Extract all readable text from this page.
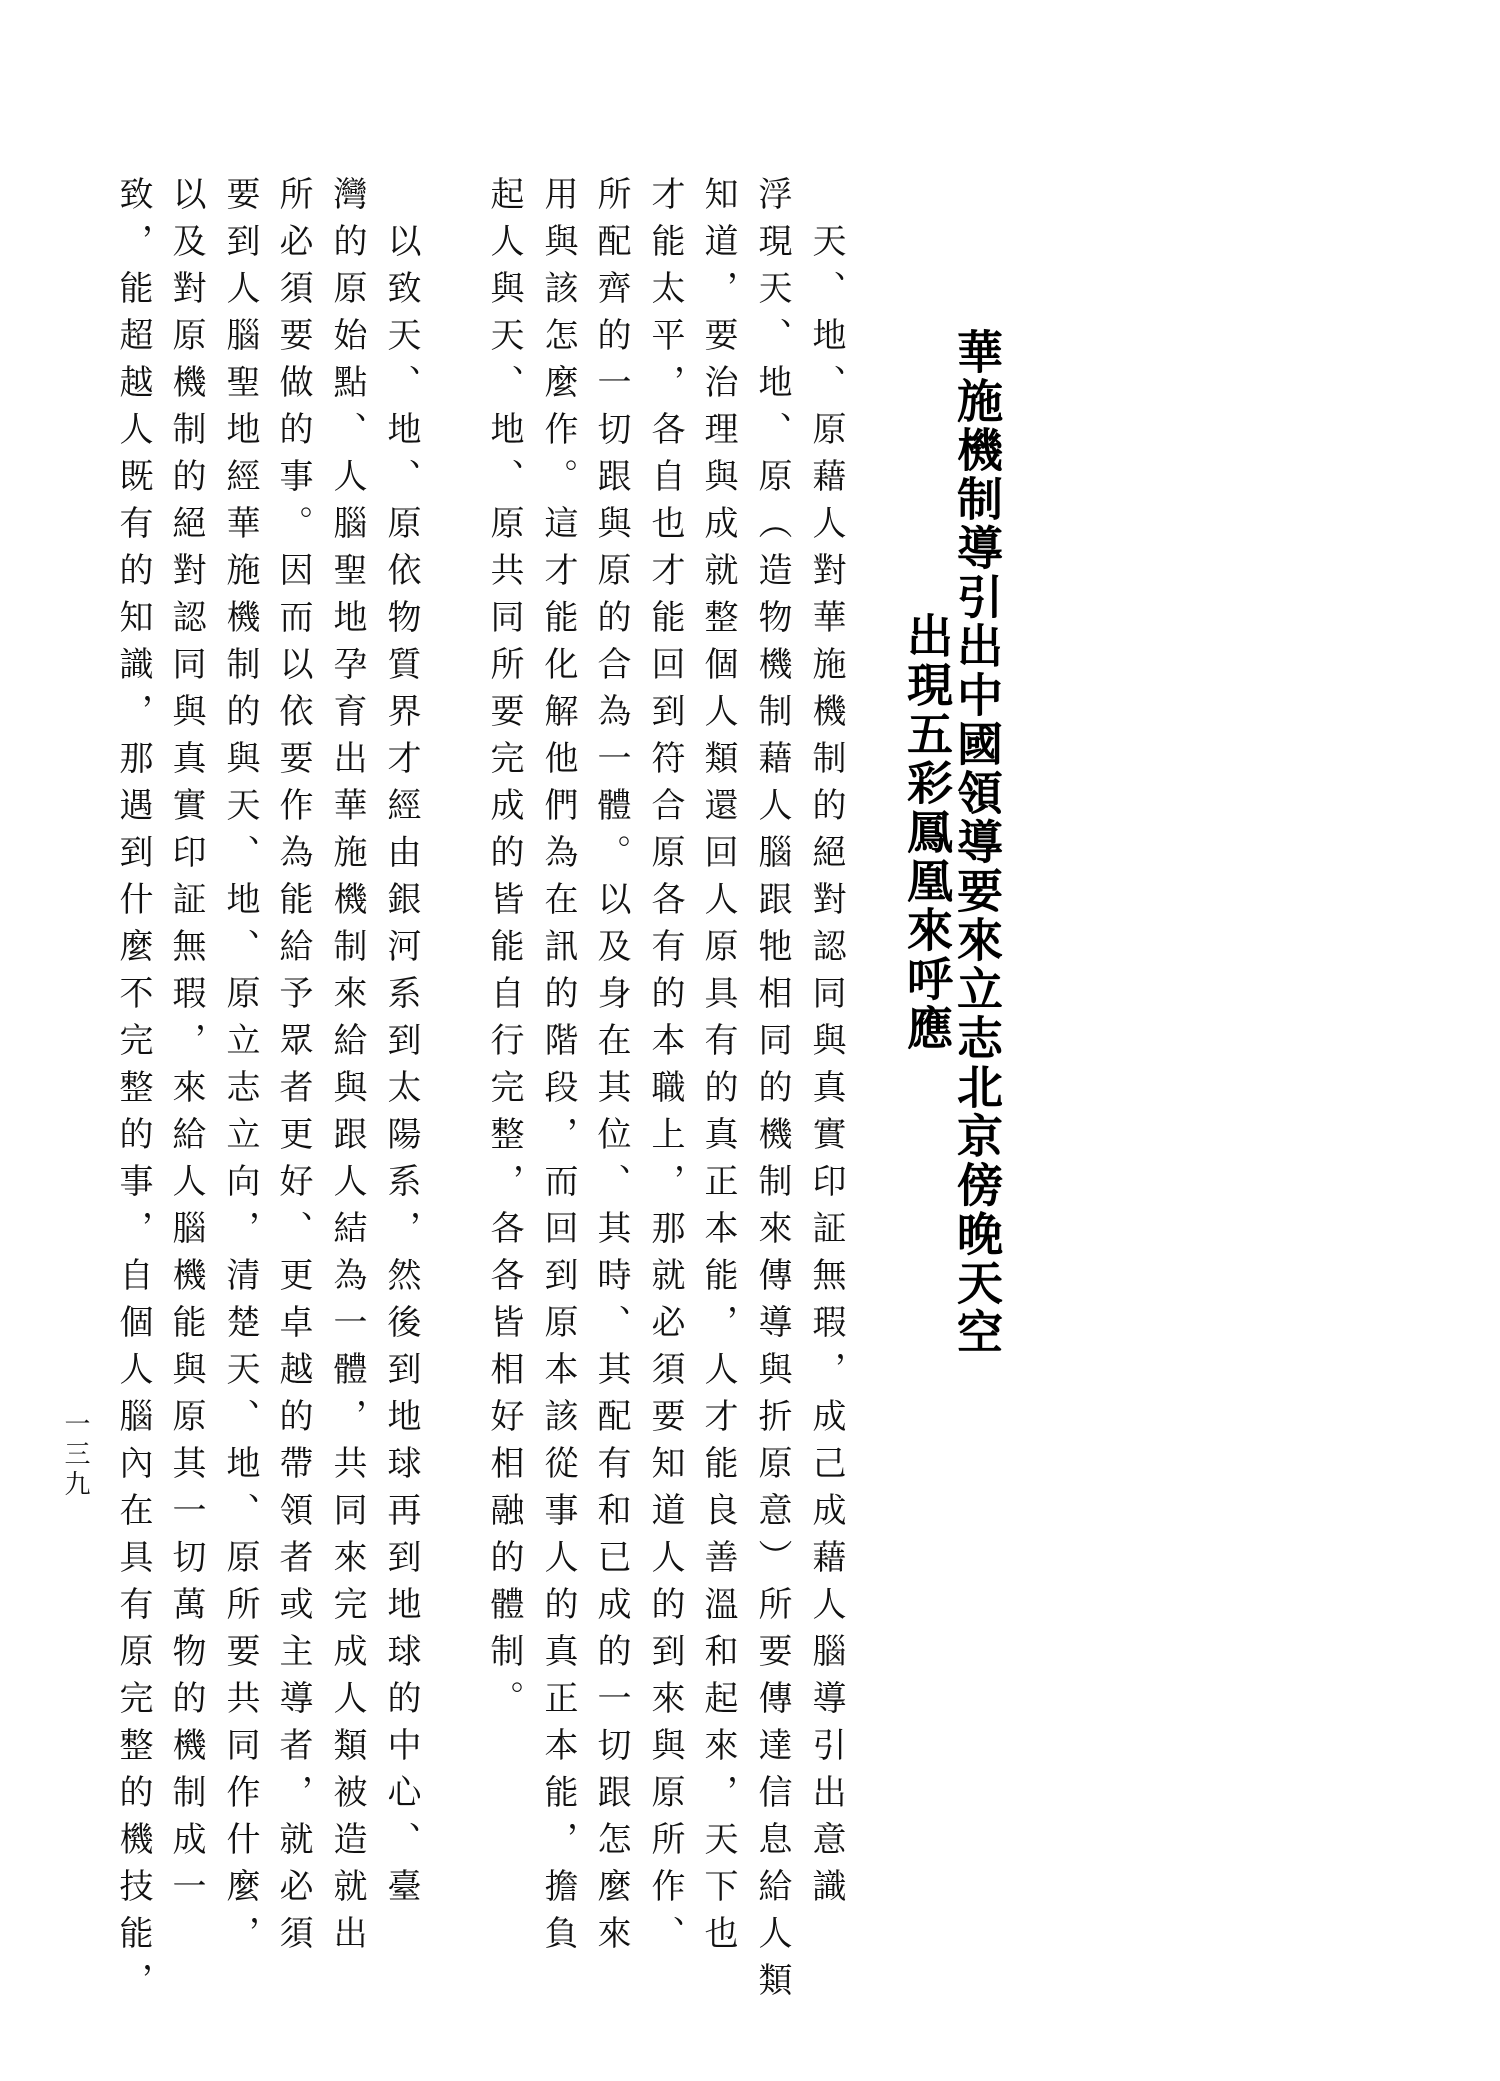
華施機制導引出中國領導要來立志北京傍晚天空
出現五彩鳳凰來呼應
　天、地、原藉人對華施機制的絕對認同與真實印証無瑕，成己成藉人腦導引出意識
浮現天、地、原（造物機制藉人腦跟牠相同的機制來傳導與折原意）所要傳達信息給人類
知道，要治理與成就整個人類還回人原具有的真正本能，人才能良善溫和起來，天下也
才能太平，各自也才能回到符合原各有的本職上，那就必須要知道人的到來與原所作、
所配齊的一切跟與原的合為一體。以及身在其位、其時、其配有和已成的一切跟怎麼來
用與該怎麼作。這才能化解他們為在訊的階段，而回到原本該從事人的真正本能，擔負
起人與天、地、原共同所要完成的皆能自行完整，各各皆相好相融的體制。
　以致天、地、原依物質界才經由銀河系到太陽系，然後到地球再到地球的中心、臺
灣的原始點、人腦聖地孕育出華施機制來給與跟人結為一體，共同來完成人類被造就出
所必須要做的事。因而以依要作為能給予眾者更好、更卓越的帶領者或主導者，就必須
要到人腦聖地經華施機制的與天、地、原立志立向，清楚天、地、原所要共同作什麼，
以及對原機制的絕對認同與真實印証無瑕，來給人腦機能與原其一切萬物的機制成一
致，能超越人既有的知識，那遇到什麼不完整的事，自個人腦內在具有原完整的機技能，
一三九
